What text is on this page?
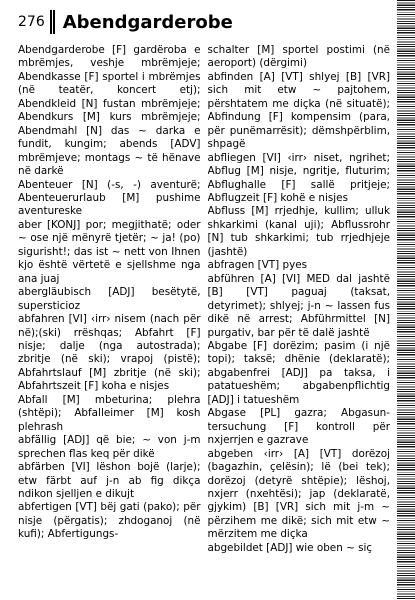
276 Abendgarderobe
Abendgarderobe [F] gardëroba e mbrëmjes, veshje mbrëmjeje; Abendkasse [F] sportel i mbrëmjes (në teatër, koncert etj); Abendkleid [N] fustan mbrëmjeje; Abendkurs [M] kurs mbrëmjeje; Abendmahl [N] das ~ darka e fundit, kungim; abends [ADV] mbrëmjeve; montags ~ të hënave në darkë
Abenteuer [N] (-s, -) aventurë; Abenteuerurlaub [M] pushime aventureske
aber [KONJ] por; megjithatë; oder ~ ose një mënyrë tjetër; ~ ja! (po) sigurisht!; das ist ~ nett von Ihnen kjo është vërtetë e sjellshme nga ana juaj
abergläubisch [ADJ] besëtytë, supersticioz
abfahren [VI] ‹irr› nisem (nach për në);(ski) rrëshqas; Abfahrt [F] nisje; dalje (nga autostrada); zbritje (në ski); vrapoj (pistë); Abfahrtslauf [M] zbritje (në ski); Abfahrtszeit [F] koha e nisjes
Abfall [M] mbeturina; plehra (shtëpi); Abfalleimer [M] kosh plehrash
abfällig [ADJ] që bie; ~ von j-m sprechen flas keq për dikë
abfärben [VI] lëshon bojë (larje); etw färbt auf j-n ab fig dikça ndikon sjelljen e dikujt
abfertigen [VT] bëj gati (pako); për nisje (përgatis); zhdoganoj (në kufi); Abfertigungs-
schalter [M] sportel postimi (në aeroport) (dërgimi)
abfinden [A] [VT] shlyej [B] [VR] sich mit etw ~ pajtohem, përshtatem me diçka (në situatë); Abfindung [F] kompensim (para, për punëmarrësit); dëmshpërblim, shpagë
abfliegen [VI] ‹irr› niset, ngrihet; Abflug [M] nisje, ngritje, fluturim; Abflughalle [F] sallë pritjeje; Abflugzeit [F] kohë e nisjes
Abfluss [M] rrjedhje, kullim; ulluk shkarkimi (kanal uji); Abflussrohr [N] tub shkarkimi; tub rrjedhjeje (jashtë)
abfragen [VT] pyes
abführen [A] [VI] MED dal jashtë [B] [VT] paguaj (taksat, detyrimet); shlyej; j-n ~ lassen fus dikë në arrest; Abführmittel [N] purgativ, bar për të dalë jashtë
Abgabe [F] dorëzim; pasim (i një topi); taksë; dhënie (deklaratë); abgabenfrei [ADJ] pa taksa, i patatueshëm; abgabenpflichtig [ADJ] i tatueshëm
Abgase [PL] gazra; Abgasuntersuchung [F] kontroll për nxjerrjen e gazrave
abgeben ‹irr› [A] [VT] dorëzoj (bagazhin, çelësin); lë (bei tek); dorëzoj (detyrë shtëpie); lëshoj, nxjerr (nxehtësi); jap (deklaratë, gjykim) [B] [VR] sich mit j-m ~ përzihem me dikë; sich mit etw ~ mërzitem me diçka
abgebildet [ADJ] wie oben ~ siç
